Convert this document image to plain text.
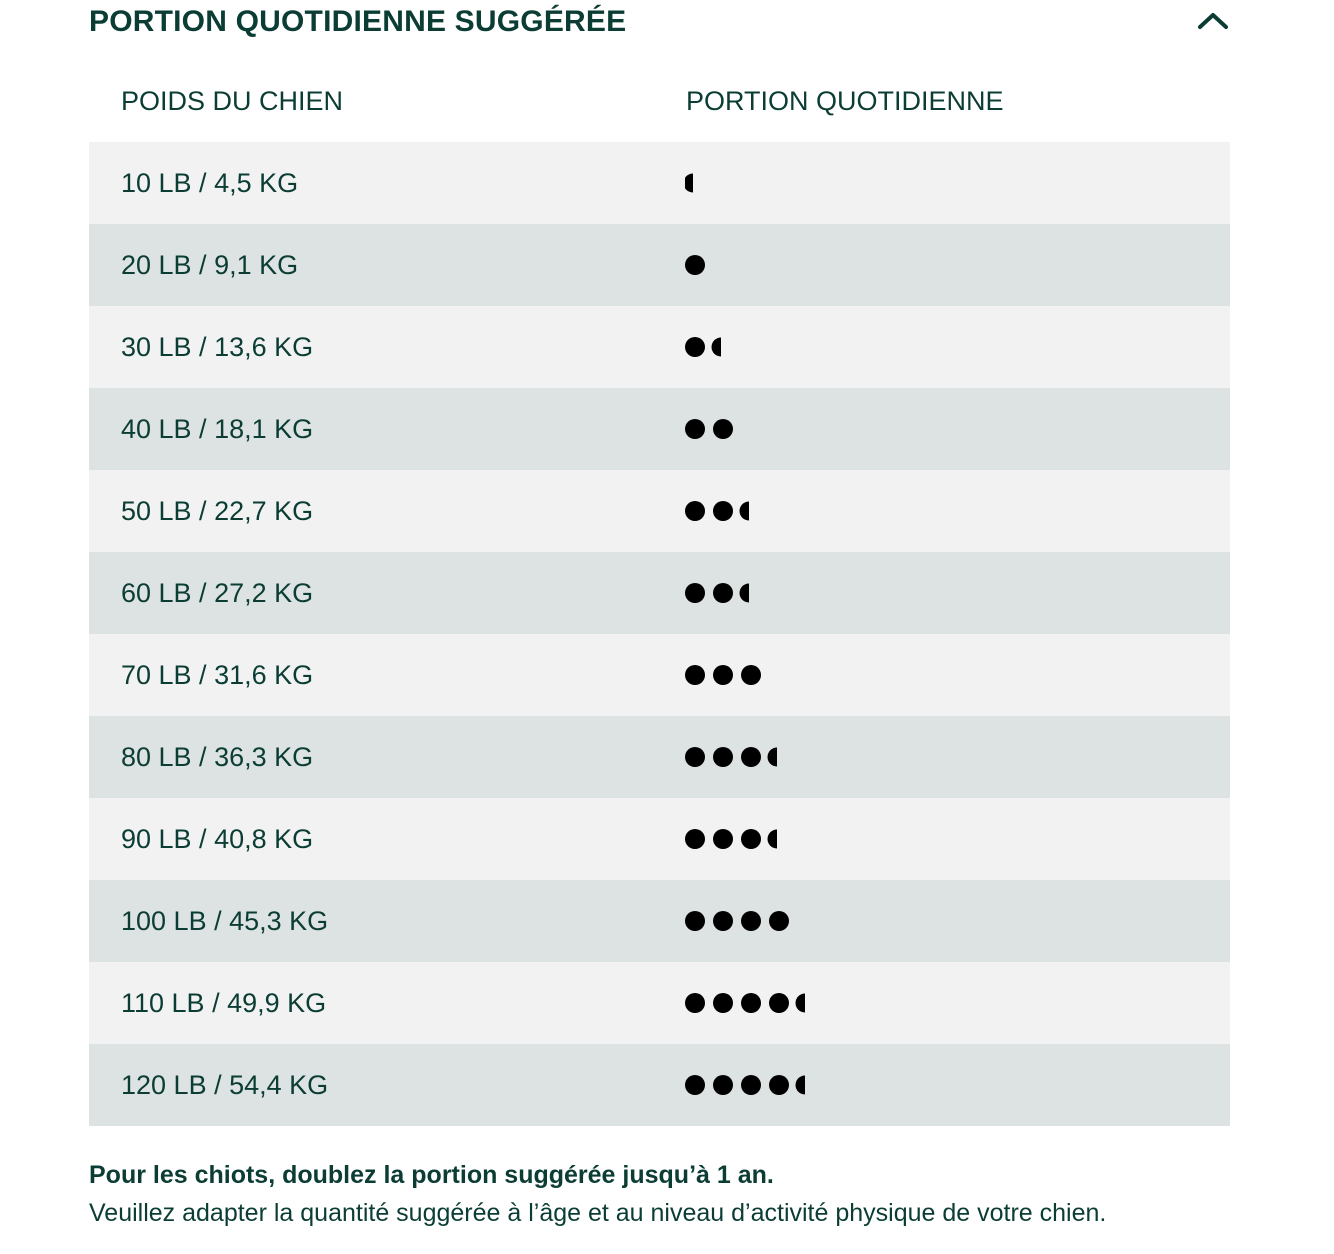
PORTION QUOTIDIENNE SUGGÉRÉE
POIDS DU CHIEN	PORTION QUOTIDIENNE
10 LB / 4,5 KG
20 LB / 9,1 KG
30 LB / 13,6 KG
40 LB / 18,1 KG
50 LB / 22,7 KG
60 LB / 27,2 KG
70 LB / 31,6 KG
80 LB / 36,3 KG
90 LB / 40,8 KG
100 LB / 45,3 KG
110 LB / 49,9 KG
120 LB / 54,4 KG
Pour les chiots, doublez la portion suggérée jusqu’à 1 an.
Veuillez adapter la quantité suggérée à l’âge et au niveau d’activité physique de votre chien.
